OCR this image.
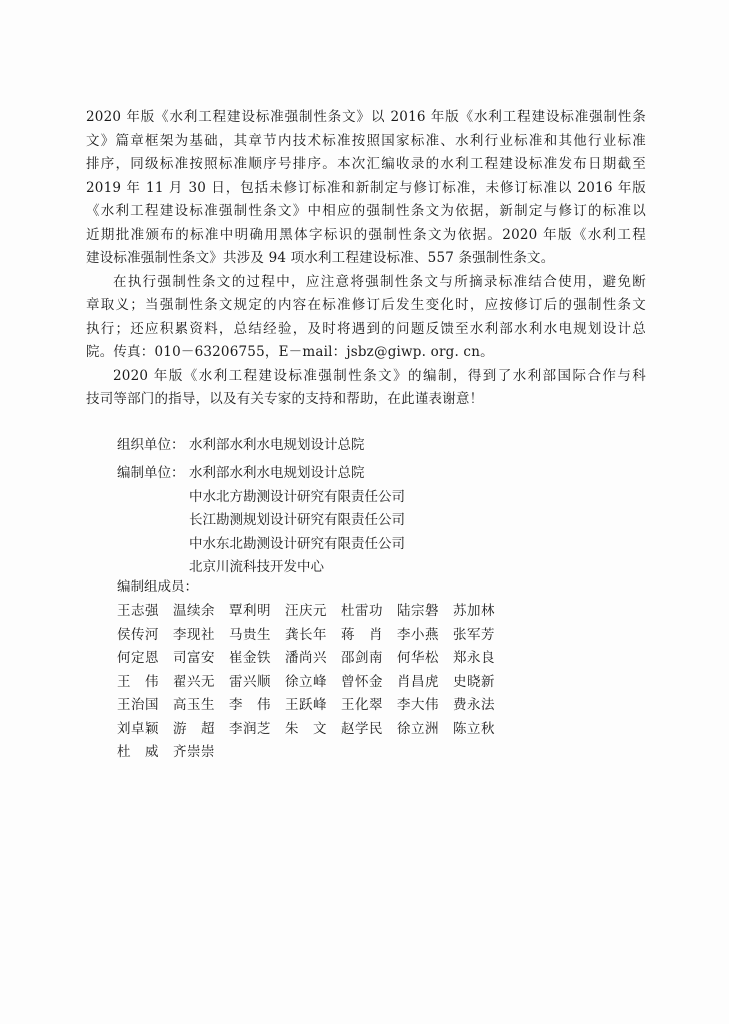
2020 年版《水利工程建设标准强制性条文》以 2016 年版《水利工程建设标准强制性条
文》篇章框架为基础，其章节内技术标准按照国家标准、水利行业标准和其他行业标准
排序，同级标准按照标准顺序号排序。本次汇编收录的水利工程建设标准发布日期截至
2019 年 11 月 30 日，包括未修订标准和新制定与修订标准，未修订标准以 2016 年版
《水利工程建设标准强制性条文》中相应的强制性条文为依据，新制定与修订的标准以
近期批准颁布的标准中明确用黑体字标识的强制性条文为依据。2020 年版《水利工程
建设标准强制性条文》共涉及 94 项水利工程建设标准、557 条强制性条文。

在执行强制性条文的过程中，应注意将强制性条文与所摘录标准结合使用，避免断
章取义；当强制性条文规定的内容在标准修订后发生变化时，应按修订后的强制性条文
执行；还应积累资料，总结经验，及时将遇到的问题反馈至水利部水利水电规划设计总
院。传真：010－63206755，E－mail：jsbz@giwp. org. cn。

2020 年版《水利工程建设标准强制性条文》的编制，得到了水利部国际合作与科
技司等部门的指导，以及有关专家的支持和帮助，在此谨表谢意！

组织单位： 水利部水利水电规划设计总院
编制单位： 水利部水利水电规划设计总院
中水北方勘测设计研究有限责任公司
长江勘测规划设计研究有限责任公司
中水东北勘测设计研究有限责任公司
北京川流科技开发中心
编制组成员：
王志强	温续余	覃利明	汪庆元	杜雷功	陆宗磐	苏加林
侯传河	李现社	马贵生	龚长年	蒋　肖	李小燕	张军芳
何定恩	司富安	崔金铁	潘尚兴	邵剑南	何华松	郑永良
王　伟	翟兴无	雷兴顺	徐立峰	曾怀金	肖昌虎	史晓新
王治国	高玉生	李　伟	王跃峰	王化翠	李大伟	费永法
刘卓颖	游　超	李润芝	朱　文	赵学民	徐立洲	陈立秋
杜　威	齐崇崇
